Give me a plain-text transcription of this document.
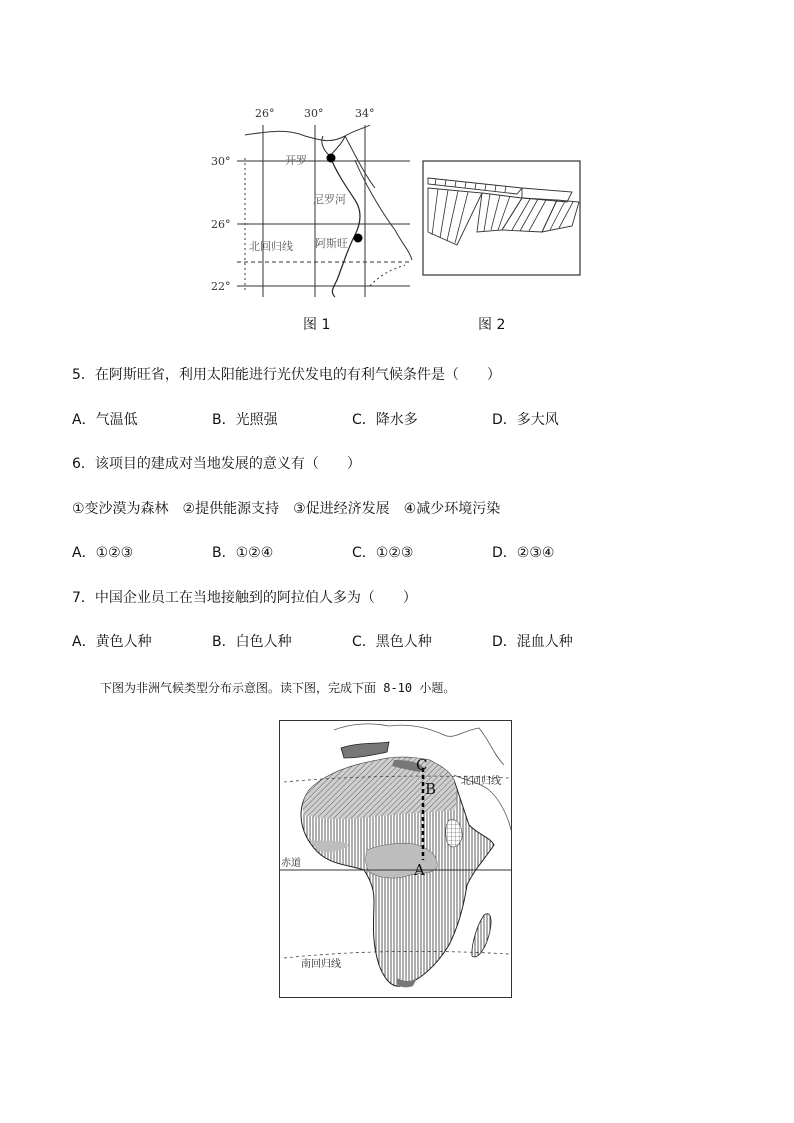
26°	30°	34°
30°
26°
22°
开罗
尼罗河
北回归线 阿斯旺
图 1	图 2
5．在阿斯旺省，利用太阳能进行光伏发电的有利气候条件是（　　）
A．气温低	B．光照强	C．降水多	D．多大风
6．该项目的建成对当地发展的意义有（　　）
①变沙漠为森林　②提供能源支持　③促进经济发展　④减少环境污染
A．①②③	B．①②④	C．①②③	D．②③④
7．中国企业员工在当地接触到的阿拉伯人多为（　　）
A．黄色人种	B．白色人种	C．黑色人种	D．混血人种
下图为非洲气候类型分布示意图。读下图，完成下面 8-10 小题。
C
B
A
北回归线
赤道
南回归线
